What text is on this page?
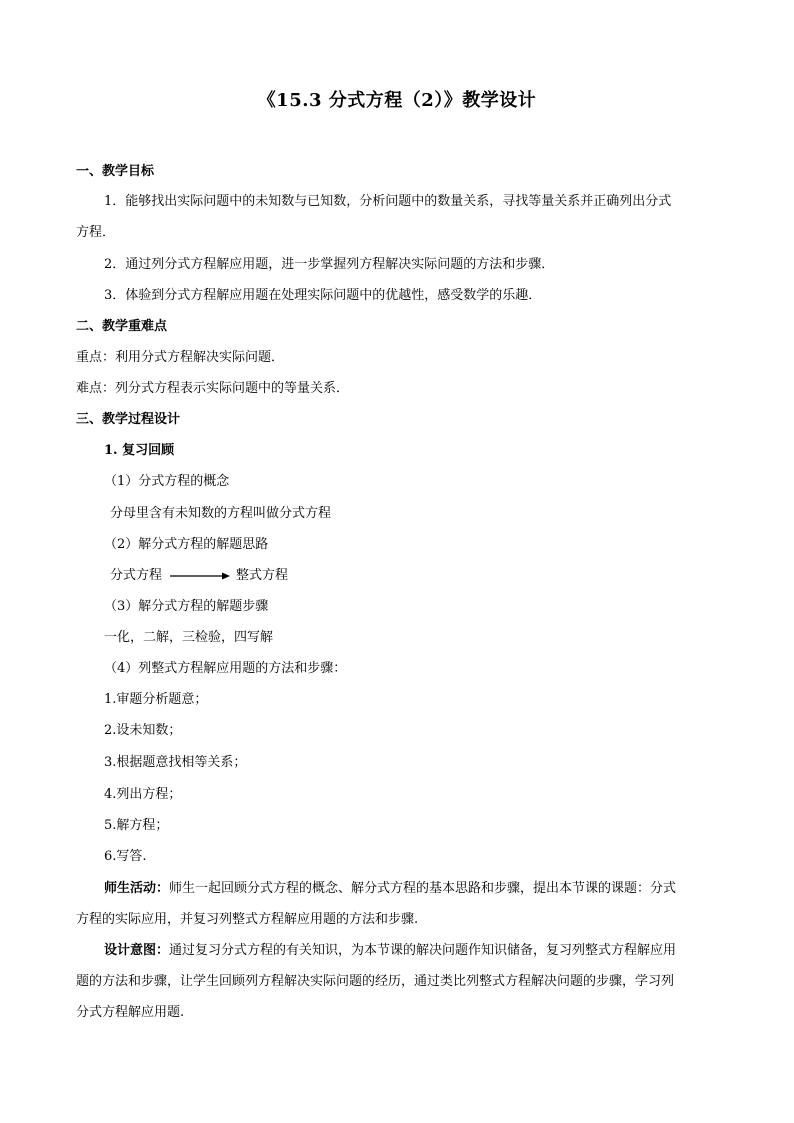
《15.3 分式方程（2）》教学设计
一、教学目标
1．能够找出实际问题中的未知数与已知数，分析问题中的数量关系，寻找等量关系并正确列出分式
方程．
2．通过列分式方程解应用题，进一步掌握列方程解决实际问题的方法和步骤．
3．体验到分式方程解应用题在处理实际问题中的优越性，感受数学的乐趣．
二、教学重难点
重点：利用分式方程解决实际问题．
难点：列分式方程表示实际问题中的等量关系．
三、教学过程设计
1. 复习回顾
（1）分式方程的概念
分母里含有未知数的方程叫做分式方程
（2）解分式方程的解题思路
分式方程	整式方程
（3）解分式方程的解题步骤
一化，二解，三检验，四写解
（4）列整式方程解应用题的方法和步骤：
1.审题分析题意；
2.设未知数；
3.根据题意找相等关系；
4.列出方程；
5.解方程；
6.写答.
师生活动：师生一起回顾分式方程的概念、解分式方程的基本思路和步骤，提出本节课的课题：分式
方程的实际应用，并复习列整式方程解应用题的方法和步骤.
设计意图：通过复习分式方程的有关知识，为本节课的解决问题作知识储备，复习列整式方程解应用
题的方法和步骤，让学生回顾列方程解决实际问题的经历，通过类比列整式方程解决问题的步骤，学习列
分式方程解应用题.
